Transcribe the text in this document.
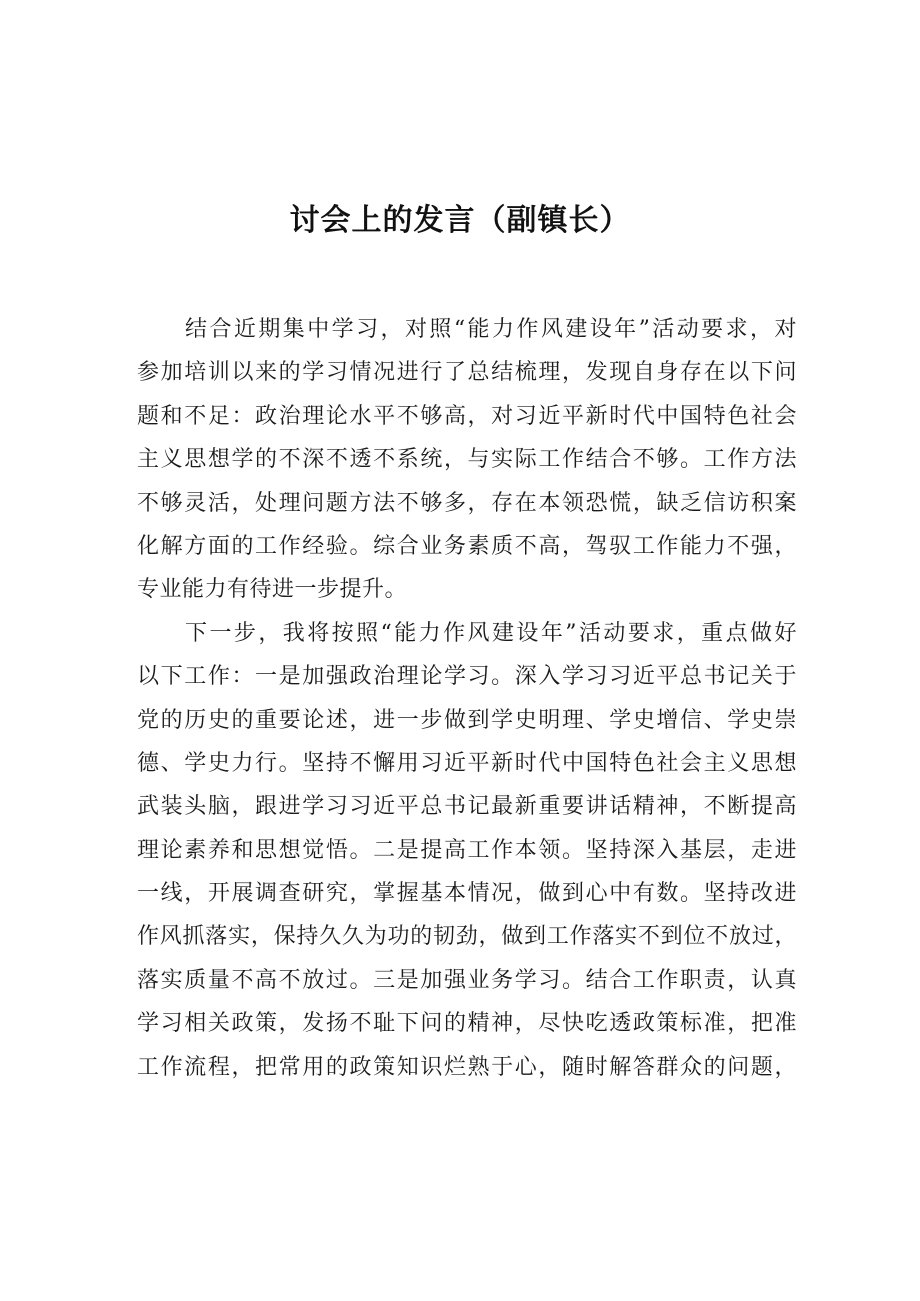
讨会上的发言（副镇长）
结合近期集中学习，对照“能力作风建设年”活动要求，对
参加培训以来的学习情况进行了总结梳理，发现自身存在以下问
题和不足：政治理论水平不够高，对习近平新时代中国特色社会
主义思想学的不深不透不系统，与实际工作结合不够。工作方法
不够灵活，处理问题方法不够多，存在本领恐慌，缺乏信访积案
化解方面的工作经验。综合业务素质不高，驾驭工作能力不强，
专业能力有待进一步提升。
下一步，我将按照“能力作风建设年”活动要求，重点做好
以下工作：一是加强政治理论学习。深入学习习近平总书记关于
党的历史的重要论述，进一步做到学史明理、学史增信、学史崇
德、学史力行。坚持不懈用习近平新时代中国特色社会主义思想
武装头脑，跟进学习习近平总书记最新重要讲话精神，不断提高
理论素养和思想觉悟。二是提高工作本领。坚持深入基层，走进
一线，开展调查研究，掌握基本情况，做到心中有数。坚持改进
作风抓落实，保持久久为功的韧劲，做到工作落实不到位不放过，
落实质量不高不放过。三是加强业务学习。结合工作职责，认真
学习相关政策，发扬不耻下问的精神，尽快吃透政策标准，把准
工作流程，把常用的政策知识烂熟于心，随时解答群众的问题，
